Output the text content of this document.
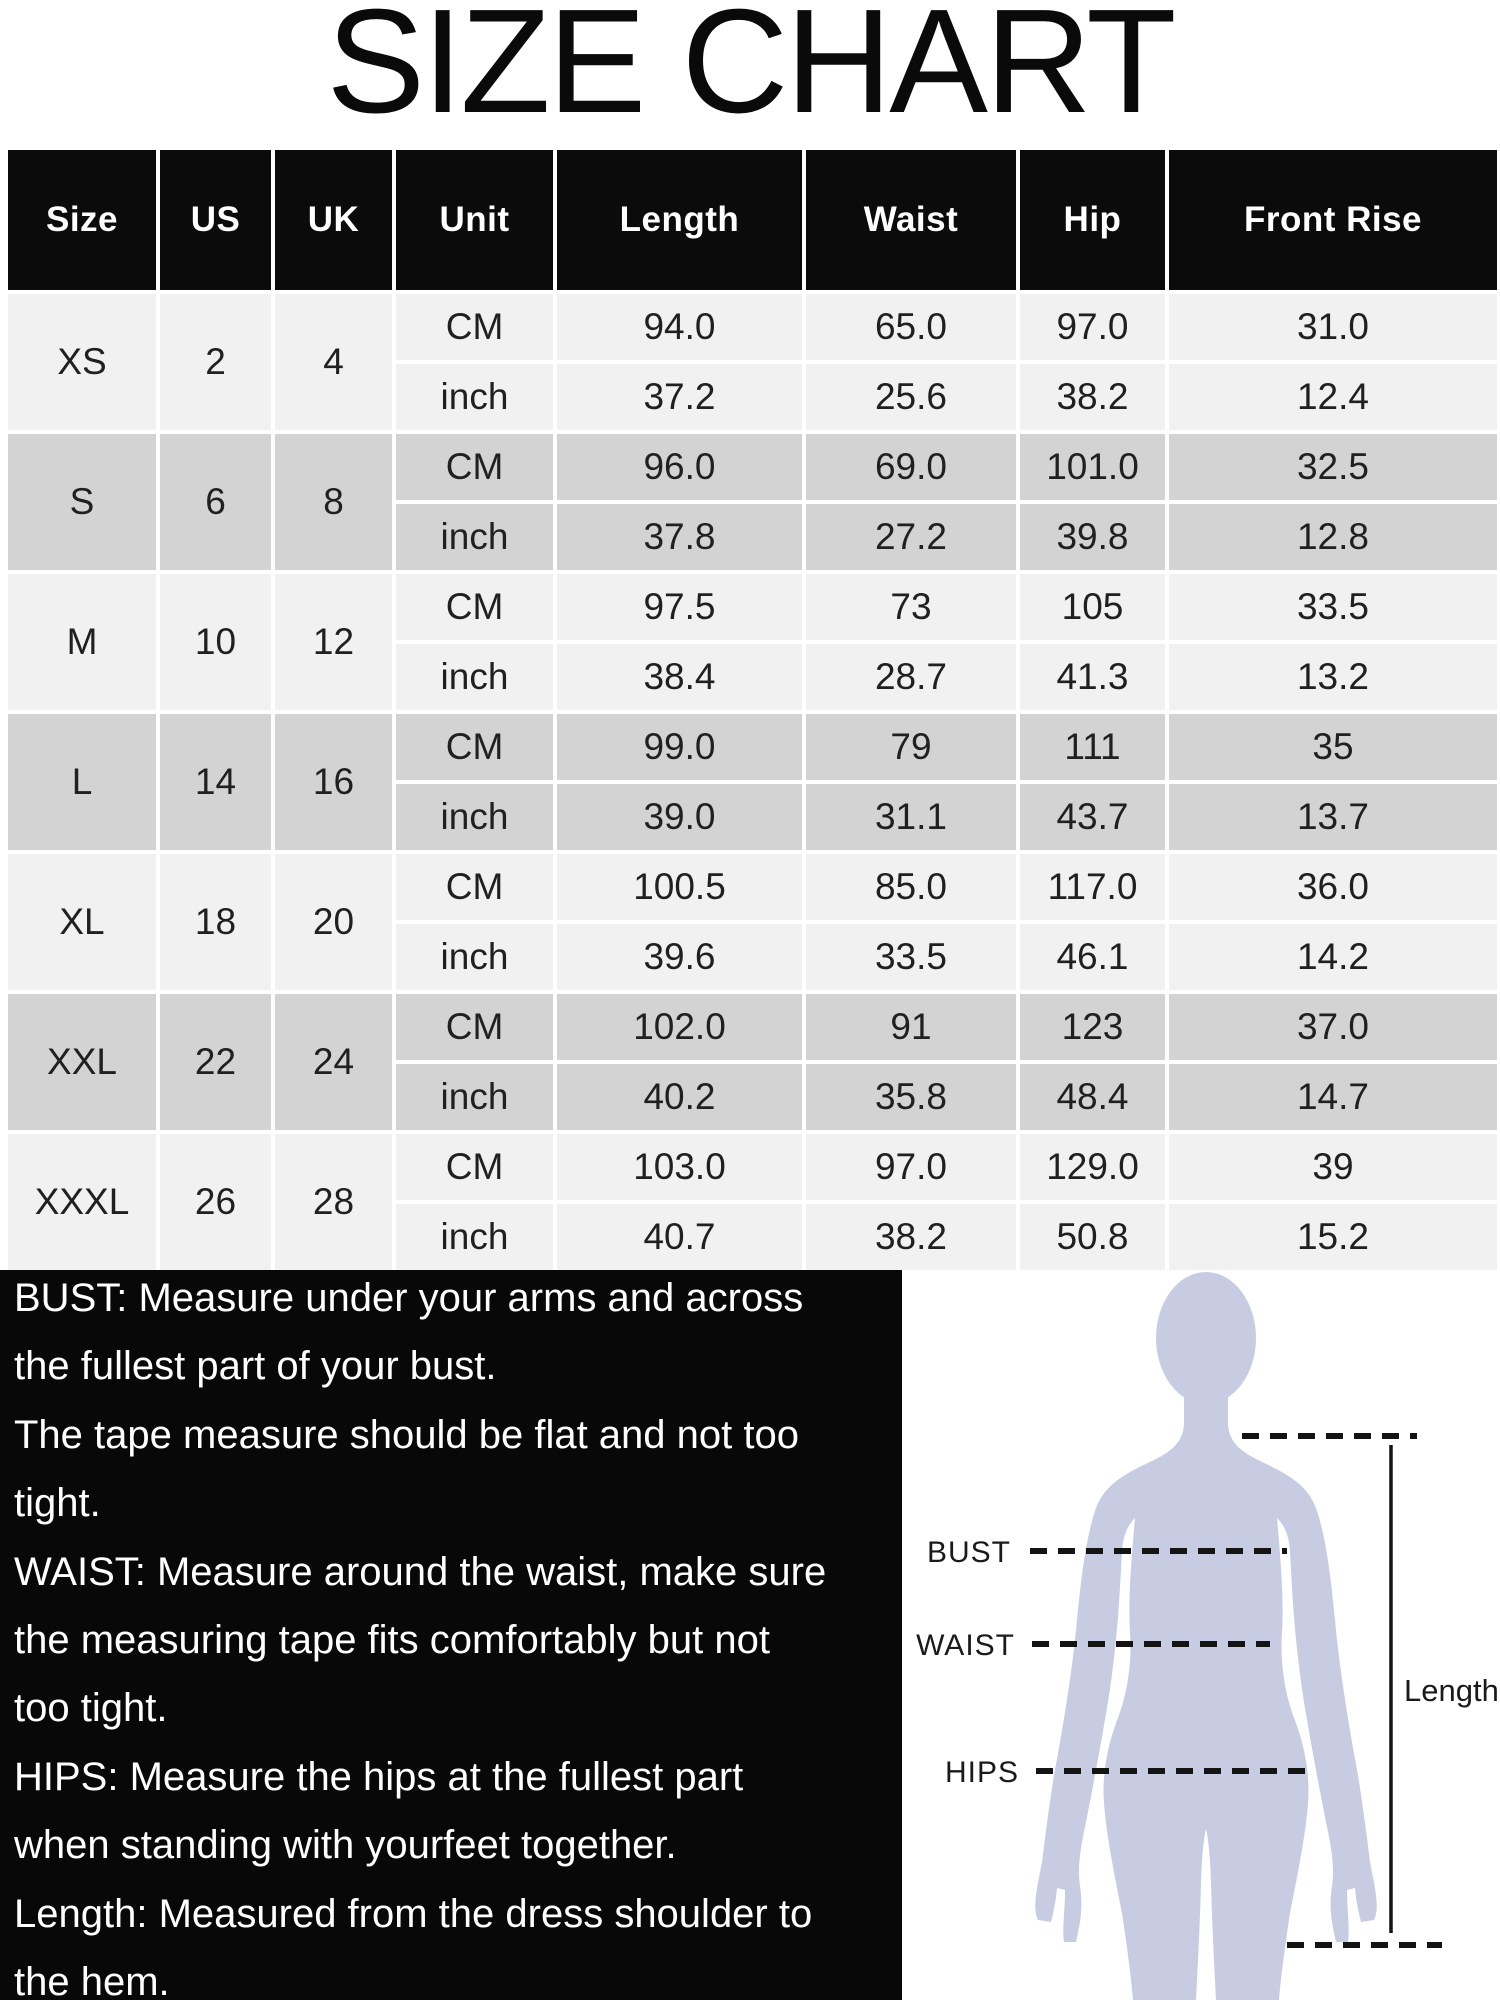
SIZE CHART
Size	US	UK	Unit	Length	Waist	Hip	Front Rise
XS	2	4
CM	94.0	65.0	97.0	31.0
inch	37.2	25.6	38.2	12.4
S	6	8
CM	96.0	69.0	101.0	32.5
inch	37.8	27.2	39.8	12.8
M	10	12
CM	97.5	73	105	33.5
inch	38.4	28.7	41.3	13.2
L	14	16
CM	99.0	79	111	35
inch	39.0	31.1	43.7	13.7
XL	18	20
CM	100.5	85.0	117.0	36.0
inch	39.6	33.5	46.1	14.2
XXL	22	24
CM	102.0	91	123	37.0
inch	40.2	35.8	48.4	14.7
XXXL	26	28
CM	103.0	97.0	129.0	39
inch	40.7	38.2	50.8	15.2
BUST: Measure under your arms and across
the fullest part of your bust.
The tape measure should be flat and not too
tight.
WAIST: Measure around the waist, make sure
the measuring tape fits comfortably but not
too tight.
HIPS: Measure the hips at the fullest part
when standing with yourfeet together.
Length: Measured from the dress shoulder to
the hem.
BUST
WAIST
HIPS
Length
